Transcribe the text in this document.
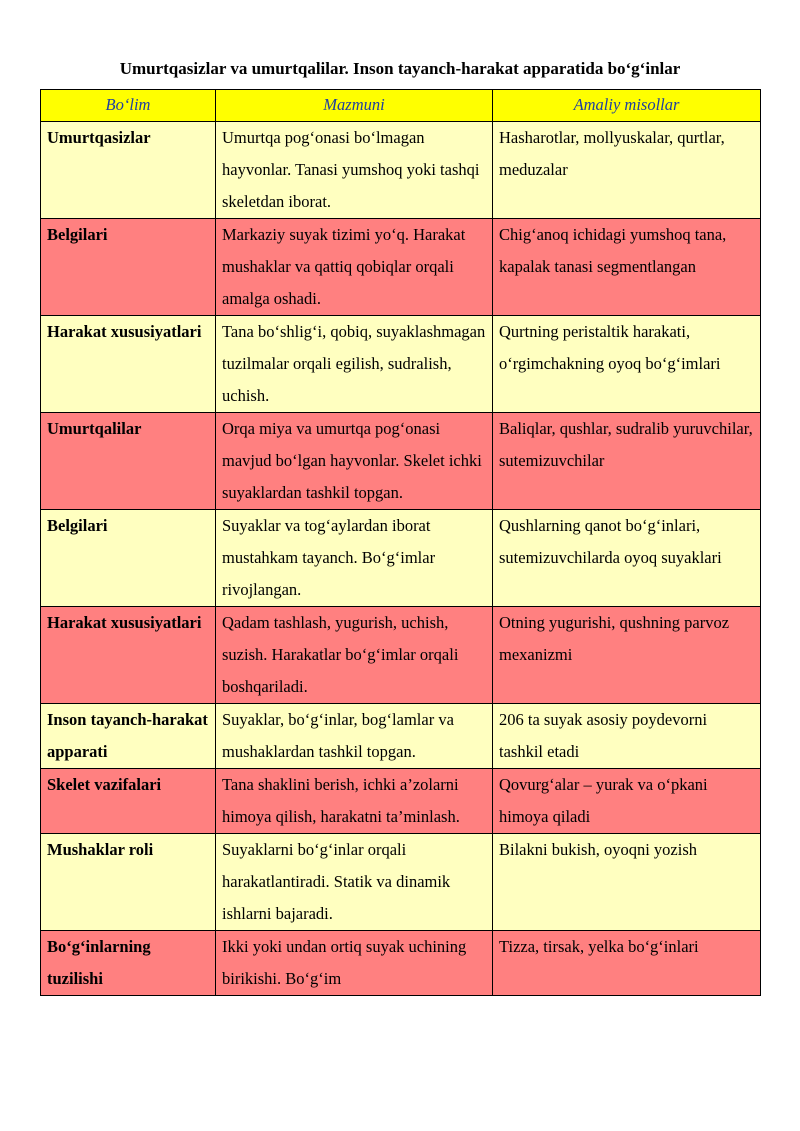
Umurtqasizlar va umurtqalilar. Inson tayanch-harakat apparatida bo‘g‘inlar
Bo‘lim	Mazmuni	Amaliy misollar
Umurtqasizlar	Umurtqa pog‘onasi bo‘lmagan hayvonlar. Tanasi yumshoq yoki tashqi skeletdan iborat.	Hasharotlar, mollyuskalar, qurtlar, meduzalar
Belgilari	Markaziy suyak tizimi yo‘q. Harakat mushaklar va qattiq qobiqlar orqali amalga oshadi.	Chig‘anoq ichidagi yumshoq tana, kapalak tanasi segmentlangan
Harakat xususiyatlari	Tana bo‘shlig‘i, qobiq, suyaklashmagan tuzilmalar orqali egilish, sudralish, uchish.	Qurtning peristaltik harakati, o‘rgimchakning oyoq bo‘g‘imlari
Umurtqalilar	Orqa miya va umurtqa pog‘onasi mavjud bo‘lgan hayvonlar. Skelet ichki suyaklardan tashkil topgan.	Baliqlar, qushlar, sudralib yuruvchilar, sutemizuvchilar
Belgilari	Suyaklar va tog‘aylardan iborat mustahkam tayanch. Bo‘g‘imlar rivojlangan.	Qushlarning qanot bo‘g‘inlari, sutemizuvchilarda oyoq suyaklari
Harakat xususiyatlari	Qadam tashlash, yugurish, uchish, suzish. Harakatlar bo‘g‘imlar orqali boshqariladi.	Otning yugurishi, qushning parvoz mexanizmi
Inson tayanch-harakat apparati	Suyaklar, bo‘g‘inlar, bog‘lamlar va mushaklardan tashkil topgan.	206 ta suyak asosiy poydevorni tashkil etadi
Skelet vazifalari	Tana shaklini berish, ichki a’zolarni himoya qilish, harakatni ta’minlash.	Qovurg‘alar – yurak va o‘pkani himoya qiladi
Mushaklar roli	Suyaklarni bo‘g‘inlar orqali harakatlantiradi. Statik va dinamik ishlarni bajaradi.	Bilakni bukish, oyoqni yozish
Bo‘g‘inlarning tuzilishi	Ikki yoki undan ortiq suyak uchining birikishi. Bo‘g‘im	Tizza, tirsak, yelka bo‘g‘inlari
